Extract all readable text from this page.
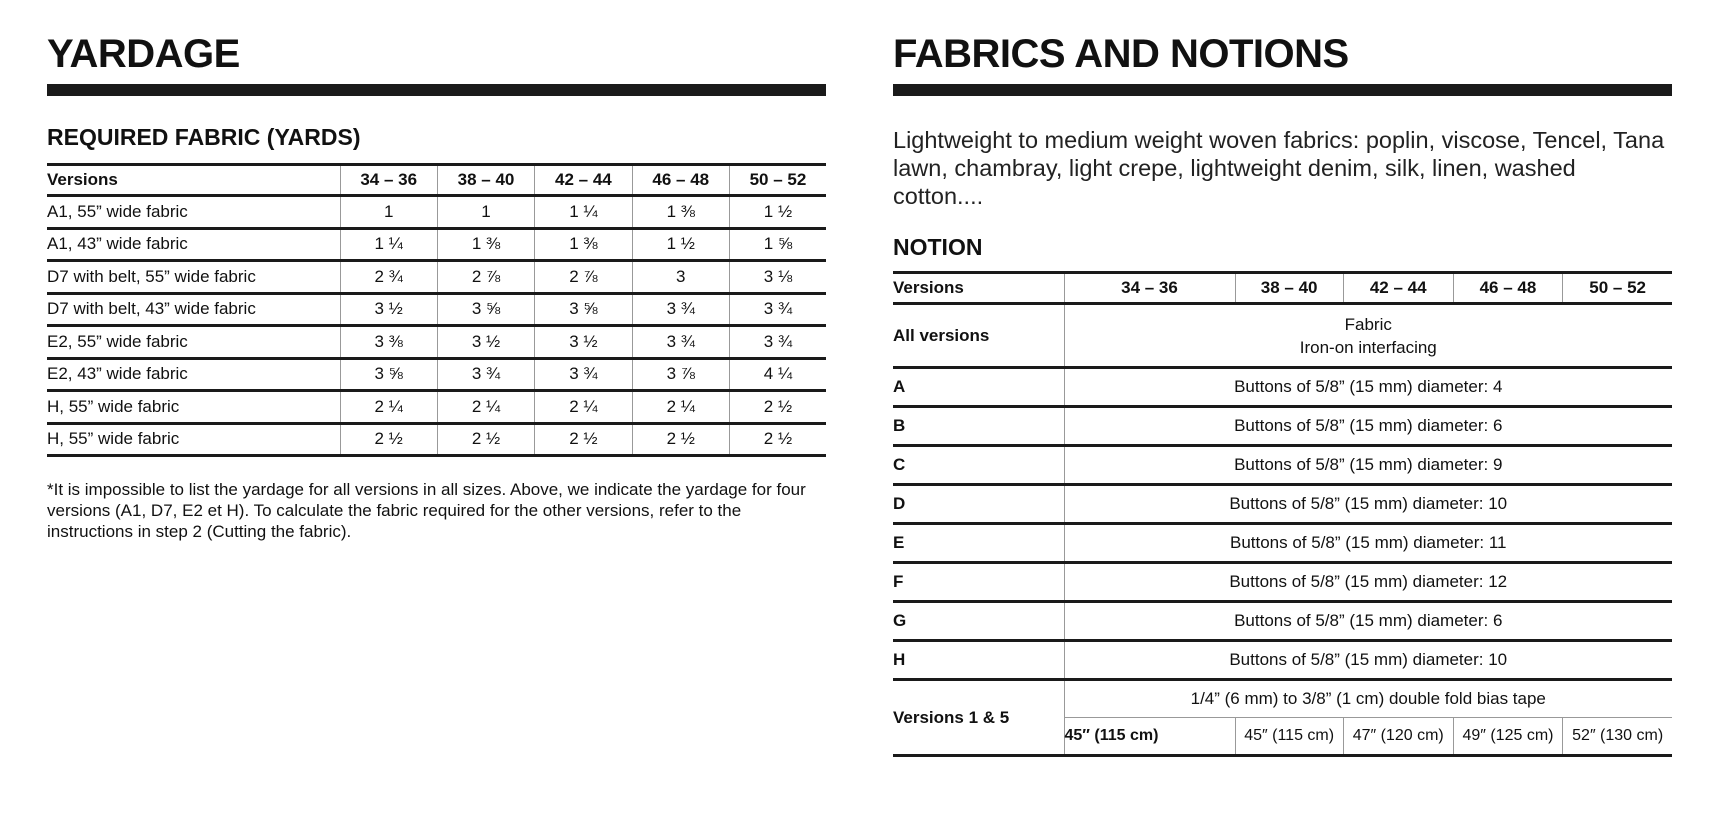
YARDAGE
REQUIRED FABRIC (YARDS)
Versions	34 – 36	38 – 40	42 – 44	46 – 48	50 – 52
A1, 55” wide fabric	1	1	1 ¼	1 ⅜	1 ½
A1, 43” wide fabric	1 ¼	1 ⅜	1 ⅜	1 ½	1 ⅝
D7 with belt, 55” wide fabric	2 ¾	2 ⅞	2 ⅞	3	3 ⅛
D7 with belt, 43” wide fabric	3 ½	3 ⅝	3 ⅝	3 ¾	3 ¾
E2, 55” wide fabric	3 ⅜	3 ½	3 ½	3 ¾	3 ¾
E2, 43” wide fabric	3 ⅝	3 ¾	3 ¾	3 ⅞	4 ¼
H, 55” wide fabric	2 ¼	2 ¼	2 ¼	2 ¼	2 ½
H, 55” wide fabric	2 ½	2 ½	2 ½	2 ½	2 ½

*It is impossible to list the yardage for all versions in all sizes. Above, we indicate the yardage for four versions (A1, D7, E2 et H). To calculate the fabric required for the other versions, refer to the instructions in step 2 (Cutting the fabric).

FABRICS AND NOTIONS

Lightweight to medium weight woven fabrics: poplin, viscose, Tencel, Tana lawn, chambray, light crepe, lightweight denim, silk, linen, washed cotton....

NOTION
Versions	34 – 36	38 – 40	42 – 44	46 – 48	50 – 52
All versions	Fabric
Iron-on interfacing				

A	Buttons of 5/8” (15 mm) diameter: 4				
B	Buttons of 5/8” (15 mm) diameter: 6				
C	Buttons of 5/8” (15 mm) diameter: 9				
D	Buttons of 5/8” (15 mm) diameter: 10				
E	Buttons of 5/8” (15 mm) diameter: 11				
F	Buttons of 5/8” (15 mm) diameter: 12				
G	Buttons of 5/8” (15 mm) diameter: 6				
H	Buttons of 5/8” (15 mm) diameter: 10				
Versions 1 & 5	1/4” (6 mm) to 3/8” (1 cm) double fold bias tape				
	45″ (115 cm)	45″ (115 cm)	47″ (120 cm)	49″ (125 cm)	52″ (130 cm)
